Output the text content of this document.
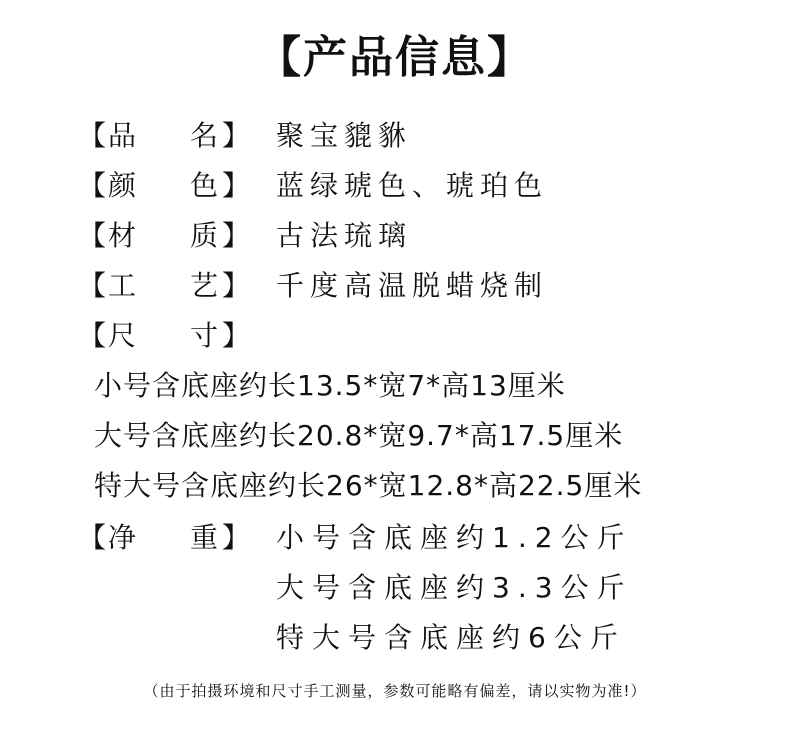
【产品信息】
【 品 名 】 聚宝貔貅
【 颜 色 】 蓝绿琥色、琥珀色
【 材 质 】 古法琉璃
【 工 艺 】 千度高温脱蜡烧制
【 尺 寸 】
小号含底座约长13.5*宽7*高13厘米
大号含底座约长20.8*宽9.7*高17.5厘米
特大号含底座约长26*宽12.8*高22.5厘米
【 净 重 】 小号含底座约1.2公斤
大号含底座约3.3公斤
特大号含底座约6公斤
（由于拍摄环境和尺寸手工测量，参数可能略有偏差，请以实物为准!）
